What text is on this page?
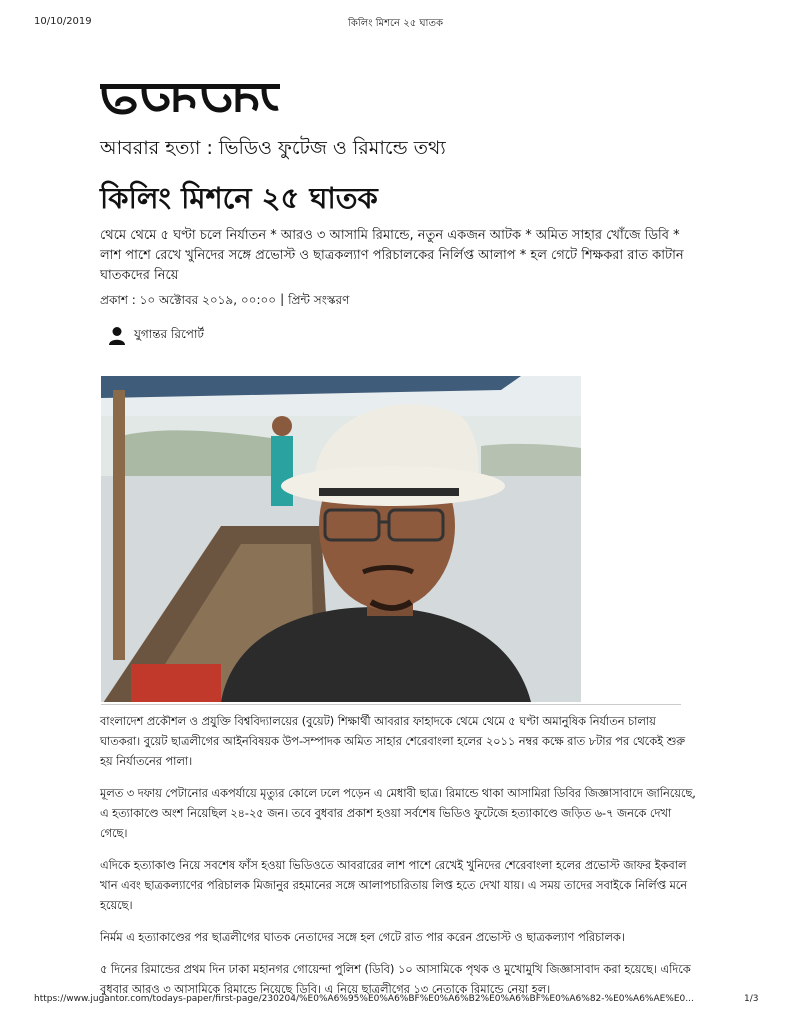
10/10/2019	কিলিং মিশনে ২৫ ঘাতক
আবরার হত্যা : ভিডিও ফুটেজ ও রিমান্ডে তথ্য
কিলিং মিশনে ২৫ ঘাতক
থেমে থেমে ৫ ঘণ্টা চলে নির্যাতন * আরও ৩ আসামি রিমান্ডে, নতুন একজন আটক * অমিত সাহার খোঁজে ডিবি * লাশ পাশে রেখে খুনিদের সঙ্গে প্রভোস্ট ও ছাত্রকল্যাণ পরিচালকের নির্লিপ্ত আলাপ * হল গেটে শিক্ষকরা রাত কাটান ঘাতকদের নিয়ে
প্রকাশ : ১০ অক্টোবর ২০১৯, ০০:০০ | প্রিন্ট সংস্করণ
যুগান্তর রিপোর্ট

বাংলাদেশ প্রকৌশল ও প্রযুক্তি বিশ্ববিদ্যালয়ের (বুয়েট) শিক্ষার্থী আবরার ফাহাদকে থেমে থেমে ৫ ঘণ্টা অমানুষিক নির্যাতন চালায় ঘাতকরা। বুয়েট ছাত্রলীগের আইনবিষয়ক উপ-সম্পাদক অমিত সাহার শেরেবাংলা হলের ২০১১ নম্বর কক্ষে রাত ৮টার পর থেকেই শুরু হয় নির্যাতনের পালা।

মূলত ৩ দফায় পেটানোর একপর্যায়ে মৃত্যুর কোলে ঢলে পড়েন এ মেধাবী ছাত্র। রিমান্ডে থাকা আসামিরা ডিবির জিজ্ঞাসাবাদে জানিয়েছে, এ হত্যাকাণ্ডে অংশ নিয়েছিল ২৪-২৫ জন। তবে বুধবার প্রকাশ হওয়া সর্বশেষ ভিডিও ফুটেজে হত্যাকাণ্ডে জড়িত ৬-৭ জনকে দেখা গেছে।

এদিকে হত্যাকাণ্ড নিয়ে সবশেষ ফাঁস হওয়া ভিডিওতে আবরারের লাশ পাশে রেখেই খুনিদের শেরেবাংলা হলের প্রভোস্ট জাফর ইকবাল খান এবং ছাত্রকল্যাণের পরিচালক মিজানুর রহমানের সঙ্গে আলাপচারিতায় লিপ্ত হতে দেখা যায়। এ সময় তাদের সবাইকে নির্লিপ্ত মনে হয়েছে।

নির্মম এ হত্যাকাণ্ডের পর ছাত্রলীগের ঘাতক নেতাদের সঙ্গে হল গেটে রাত পার করেন প্রভোস্ট ও ছাত্রকল্যাণ পরিচালক।

৫ দিনের রিমান্ডের প্রথম দিন ঢাকা মহানগর গোয়েন্দা পুলিশ (ডিবি) ১০ আসামিকে পৃথক ও মুখোমুখি জিজ্ঞাসাবাদ করা হয়েছে। এদিকে বুধবার আরও ৩ আসামিকে রিমান্ডে নিয়েছে ডিবি। এ নিয়ে ছাত্রলীগের ১৩ নেতাকে রিমান্ডে নেয়া হল।

https://www.jugantor.com/todays-paper/first-page/230204/%E0%A6%95%E0%A6%BF%E0%A6%B2%E0%A6%BF%E0%A6%82-%E0%A6%AE%E0...	1/3
